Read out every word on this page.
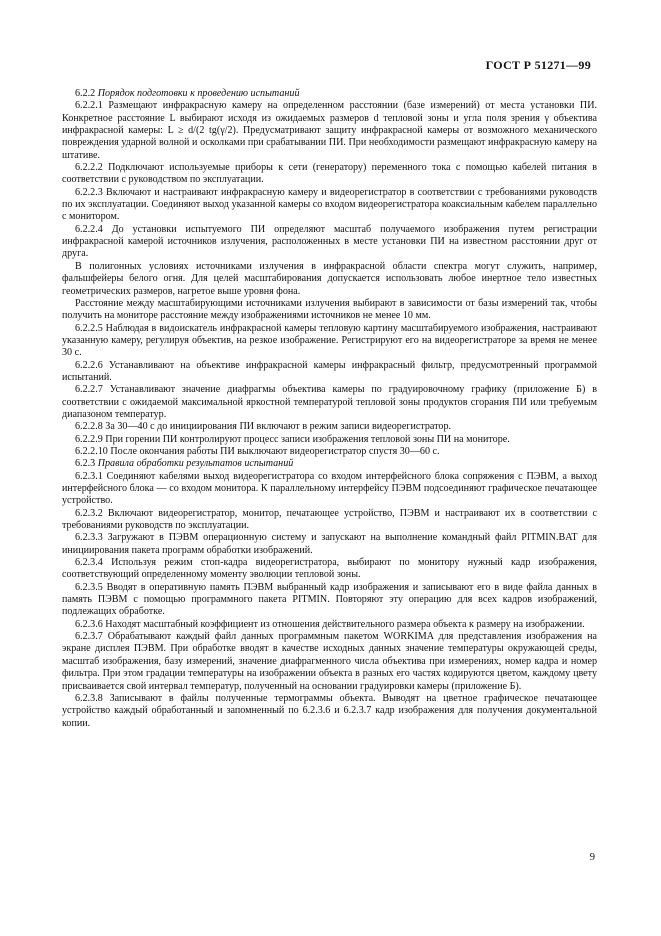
ГОСТ Р 51271—99

6.2.2 Порядок подготовки к проведению испытаний

6.2.2.1 Размещают инфракрасную камеру на определенном расстоянии (базе измерений) от места установки ПИ. Конкретное расстояние L выбирают исходя из ожидаемых размеров d тепловой зоны и угла поля зрения γ объектива инфракрасной камеры: L ≥ d/(2 tg(γ/2). Предусматривают защиту инфракрасной камеры от возможного механического повреждения ударной волной и осколками при срабатывании ПИ. При необходимости размещают инфракрасную камеру на штативе.

6.2.2.2 Подключают используемые приборы к сети (генератору) переменного тока с помощью кабелей питания в соответствии с руководством по эксплуатации.

6.2.2.3 Включают и настраивают инфракрасную камеру и видеорегистратор в соответствии с требованиями руководств по их эксплуатации. Соединяют выход указанной камеры со входом видеорегистратора коаксиальным кабелем параллельно с монитором.

6.2.2.4 До установки испытуемого ПИ определяют масштаб получаемого изображения путем регистрации инфракрасной камерой источников излучения, расположенных в месте установки ПИ на известном расстоянии друг от друга.

В полигонных условиях источниками излучения в инфракрасной области спектра могут служить, например, фальшфейеры белого огня. Для целей масштабирования допускается использовать любое инертное тело известных геометрических размеров, нагретое выше уровня фона.

Расстояние между масштабирующими источниками излучения выбирают в зависимости от базы измерений так, чтобы получить на мониторе расстояние между изображениями источников не менее 10 мм.

6.2.2.5 Наблюдая в видоискатель инфракрасной камеры тепловую картину масштабируемого изображения, настраивают указанную камеру, регулируя объектив, на резкое изображение. Регистрируют его на видеорегистраторе за время не менее 30 с.

6.2.2.6 Устанавливают на объективе инфракрасной камеры инфракрасный фильтр, предусмотренный программой испытаний.

6.2.2.7 Устанавливают значение диафрагмы объектива камеры по градуировочному графику (приложение Б) в соответствии с ожидаемой максимальной яркостной температурой тепловой зоны продуктов сгорания ПИ или требуемым диапазоном температур.

6.2.2.8 За 30—40 с до инициирования ПИ включают в режим записи видеорегистратор.

6.2.2.9 При горении ПИ контролируют процесс записи изображения тепловой зоны ПИ на мониторе.

6.2.2.10 После окончания работы ПИ выключают видеорегистратор спустя 30—60 с.

6.2.3 Правила обработки результатов испытаний

6.2.3.1 Соединяют кабелями выход видеорегистратора со входом интерфейсного блока сопряжения с ПЭВМ, а выход интерфейсного блока — со входом монитора. К параллельному интерфейсу ПЭВМ подсоединяют графическое печатающее устройство.

6.2.3.2 Включают видеорегистратор, монитор, печатающее устройство, ПЭВМ и настраивают их в соответствии с требованиями руководств по эксплуатации.

6.2.3.3 Загружают в ПЭВМ операционную систему и запускают на выполнение командный файл PITMIN.BAT для инициирования пакета программ обработки изображений.

6.2.3.4 Используя режим стоп-кадра видеорегистратора, выбирают по монитору нужный кадр изображения, соответствующий определенному моменту эволюции тепловой зоны.

6.2.3.5 Вводят в оперативную память ПЭВМ выбранный кадр изображения и записывают его в виде файла данных в память ПЭВМ с помощью программного пакета PITMIN. Повторяют эту операцию для всех кадров изображений, подлежащих обработке.

6.2.3.6 Находят масштабный коэффициент из отношения действительного размера объекта к размеру на изображении.

6.2.3.7 Обрабатывают каждый файл данных программным пакетом WORKIMA для представления изображения на экране дисплея ПЭВМ. При обработке вводят в качестве исходных данных значение температуры окружающей среды, масштаб изображения, базу измерений, значение диафрагменного числа объектива при измерениях, номер кадра и номер фильтра. При этом градации температуры на изображении объекта в разных его частях кодируются цветом, каждому цвету присваивается свой интервал температур, полученный на основании градуировки камеры (приложение Б).

6.2.3.8 Записывают в файлы полученные термограммы объекта. Выводят на цветное графическое печатающее устройство каждый обработанный и запомненный по 6.2.3.6 и 6.2.3.7 кадр изображения для получения документальной копии.

9
